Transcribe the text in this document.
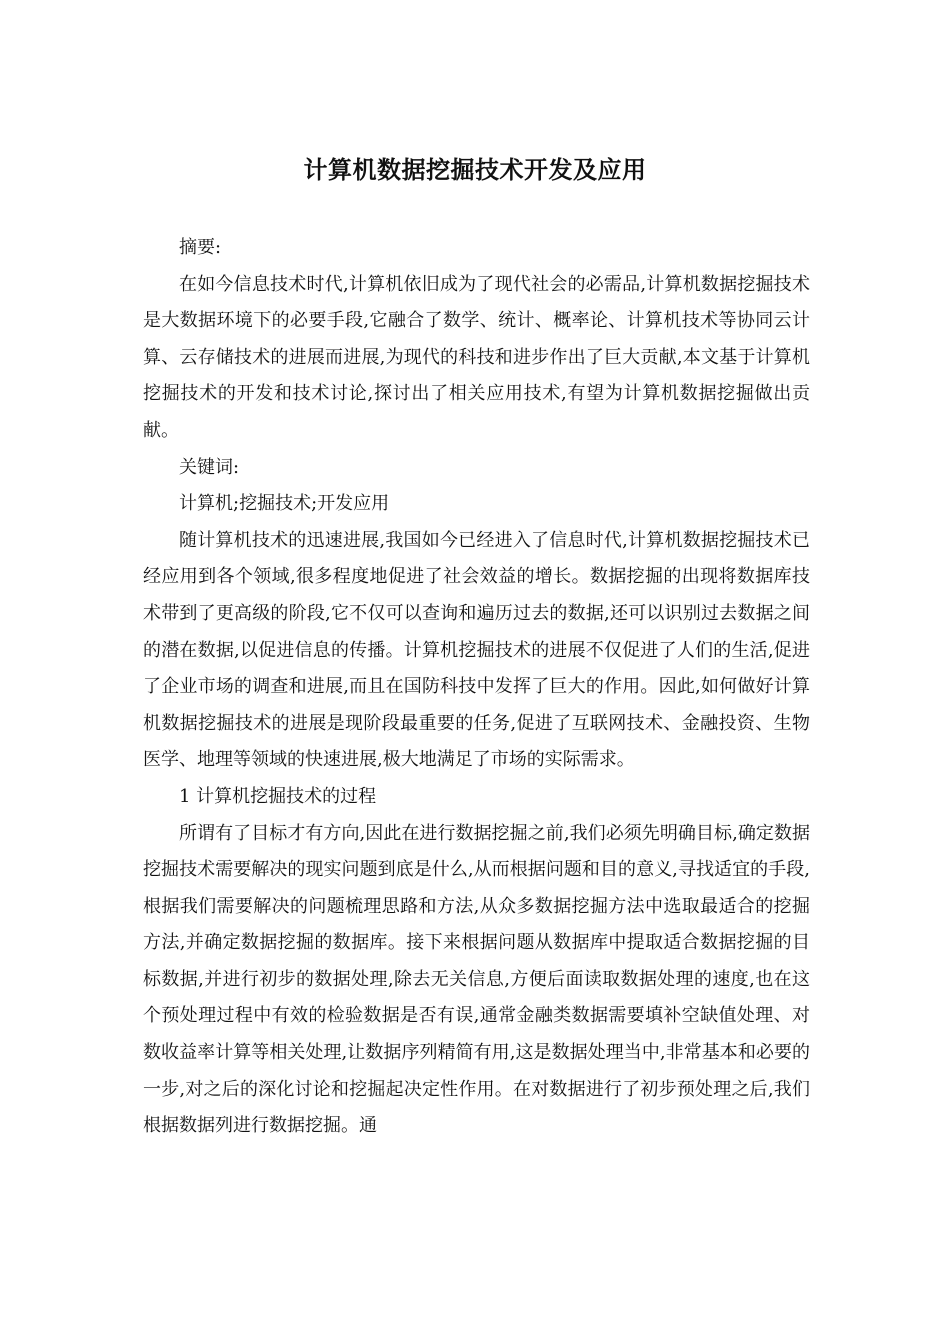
计算机数据挖掘技术开发及应用

摘要:

在如今信息技术时代,计算机依旧成为了现代社会的必需品,计算机数据挖掘技术是大数据环境下的必要手段,它融合了数学、统计、概率论、计算机技术等协同云计算、云存储技术的进展而进展,为现代的科技和进步作出了巨大贡献,本文基于计算机挖掘技术的开发和技术讨论,探讨出了相关应用技术,有望为计算机数据挖掘做出贡献。

关键词:

计算机;挖掘技术;开发应用

随计算机技术的迅速进展,我国如今已经进入了信息时代,计算机数据挖掘技术已经应用到各个领域,很多程度地促进了社会效益的增长。数据挖掘的出现将数据库技术带到了更高级的阶段,它不仅可以查询和遍历过去的数据,还可以识别过去数据之间的潜在数据,以促进信息的传播。计算机挖掘技术的进展不仅促进了人们的生活,促进了企业市场的调查和进展,而且在国防科技中发挥了巨大的作用。因此,如何做好计算机数据挖掘技术的进展是现阶段最重要的任务,促进了互联网技术、金融投资、生物医学、地理等领域的快速进展,极大地满足了市场的实际需求。

1 计算机挖掘技术的过程

所谓有了目标才有方向,因此在进行数据挖掘之前,我们必须先明确目标,确定数据挖掘技术需要解决的现实问题到底是什么,从而根据问题和目的意义,寻找适宜的手段,根据我们需要解决的问题梳理思路和方法,从众多数据挖掘方法中选取最适合的挖掘方法,并确定数据挖掘的数据库。接下来根据问题从数据库中提取适合数据挖掘的目标数据,并进行初步的数据处理,除去无关信息,方便后面读取数据处理的速度,也在这个预处理过程中有效的检验数据是否有误,通常金融类数据需要填补空缺值处理、对数收益率计算等相关处理,让数据序列精简有用,这是数据处理当中,非常基本和必要的一步,对之后的深化讨论和挖掘起决定性作用。在对数据进行了初步预处理之后,我们根据数据列进行数据挖掘。通
